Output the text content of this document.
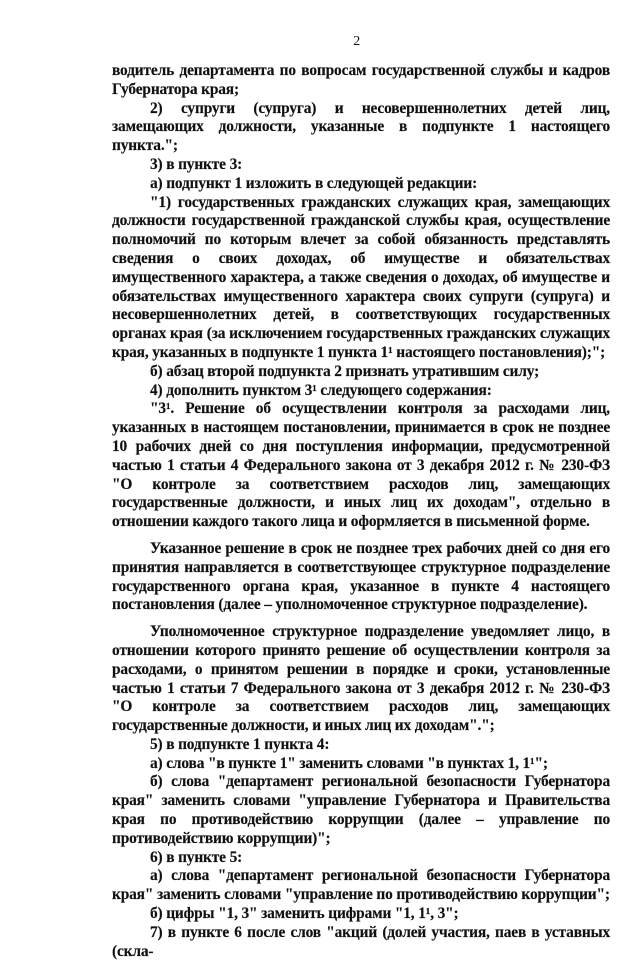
2

водитель департамента по вопросам государственной службы и кадров Губернатора края;

2) супруги (супруга) и несовершеннолетних детей лиц, замещающих должности, указанные в подпункте 1 настоящего пункта.";

3) в пункте 3:

а) подпункт 1 изложить в следующей редакции:

"1) государственных гражданских служащих края, замещающих должности государственной гражданской службы края, осуществление полномочий по которым влечет за собой обязанность представлять сведения о своих доходах, об имуществе и обязательствах имущественного характера, а также сведения о доходах, об имуществе и обязательствах имущественного характера своих супруги (супруга) и несовершеннолетних детей, в соответствующих государственных органах края (за исключением государственных гражданских служащих края, указанных в подпункте 1 пункта 1¹ настоящего постановления);";

б) абзац второй подпункта 2 признать утратившим силу;

4) дополнить пунктом 3¹ следующего содержания:

"3¹. Решение об осуществлении контроля за расходами лиц, указанных в настоящем постановлении, принимается в срок не позднее 10 рабочих дней со дня поступления информации, предусмотренной частью 1 статьи 4 Федерального закона от 3 декабря 2012 г. № 230-ФЗ "О контроле за соответствием расходов лиц, замещающих государственные должности, и иных лиц их доходам", отдельно в отношении каждого такого лица и оформляется в письменной форме.

Указанное решение в срок не позднее трех рабочих дней со дня его принятия направляется в соответствующее структурное подразделение государственного органа края, указанное в пункте 4 настоящего постановления (далее – уполномоченное структурное подразделение).

Уполномоченное структурное подразделение уведомляет лицо, в отношении которого принято решение об осуществлении контроля за расходами, о принятом решении в порядке и сроки, установленные частью 1 статьи 7 Федерального закона от 3 декабря 2012 г. № 230-ФЗ "О контроле за соответствием расходов лиц, замещающих государственные должности, и иных лиц их доходам".";

5) в подпункте 1 пункта 4:

а) слова "в пункте 1" заменить словами "в пунктах 1, 1¹";

б) слова "департамент региональной безопасности Губернатора края" заменить словами "управление Губернатора и Правительства края по противодействию коррупции (далее – управление по противодействию коррупции)";

6) в пункте 5:

а) слова "департамент региональной безопасности Губернатора края" заменить словами "управление по противодействию коррупции";

б) цифры "1, 3" заменить цифрами "1, 1¹, 3";

7) в пункте 6 после слов "акций (долей участия, паев в уставных (скла-
